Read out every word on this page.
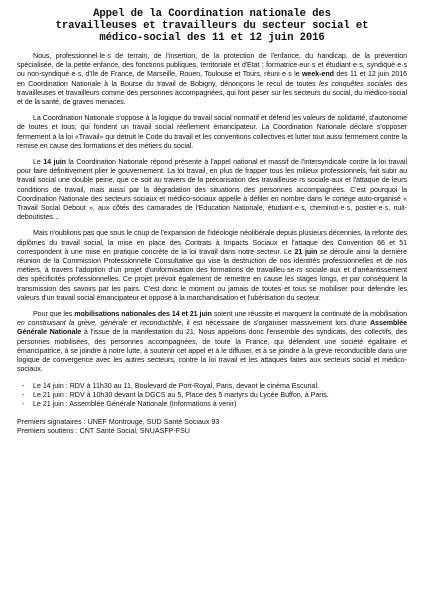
Appel de la Coordination nationale des
travailleuses et travailleurs du secteur social et
médico-social des 11 et 12 juin 2016

Nous, professionnel·le·s de terrain, de l'insertion, de la protection de l'enfance, du handicap, de la prévention spécialisée, de la petite enfance, des fonctions publiques, territoriale et d'Etat ; formatrice·eur·s et étudiant·e·s, syndiqué·e·s ou non-syndiqué·e·s, d'Ile de France, de Marseille, Rouen, Toulouse et Tours, réuni·e·s le week-end des 11 et 12 juin 2016 en Coordination Nationale à la Bourse du travail de Bobigny, dénonçons le recul de toutes les conquêtes sociales des travailleuses et travailleurs comme des personnes accompagnées, qui font peser sur les secteurs du social, du médico-social et de la santé, de graves menaces.

La Coordination Nationale s'oppose à la logique du travail social normatif et défend les valeurs de solidarité, d'autonomie de toutes et tous, qui fondent un travail social réellement émancipateur. La Coordination Nationale déclare s'opposer fermement à la loi «Travail» qui détruit le Code du travail et les conventions collectives et lutter tout aussi fermement contre la remise en cause des formations et des métiers du social.

Le 14 juin la Coordination Nationale répond présente à l'appel national et massif de l'intersyndicale contre la loi travail pour faire définitivement plier le gouvernement. La loi travail, en plus de frapper tous les milieux professionnels, fait subir au travail social une double peine, que ce soit au travers de la précarisation des travailleuse·rs sociale·aux et l'attaque de leurs conditions de travail, mais aussi par la dégradation des situations des personnes accompagnées. C'est pourquoi la Coordination Nationale des secteurs sociaux et médico-sociaux appelle à défiler en nombre dans le cortège auto-organisé « Travail Social Debout », aux côtés des camarades de l'Education Nationale, étudiant·e·s, cheminot·e·s, postier·e·s, nuit-deboutistes…

Mais n'oublions pas que sous le coup de l'expansion de l'idéologie néolibérale depuis plusieurs décennies, la refonte des diplômes du travail social, la mise en place des Contrats à Impacts Sociaux et l'attaque des Convention 66 et 51 correspondent à une mise en pratique concrète de la loi travail dans notre secteur. Le 21 juin se déroule ainsi la dernière réunion de la Commission Professionnelle Consultative qui vise la destruction de nos identités professionnelles et de nos métiers, à travers l'adoption d'un projet d'uniformisation des formations de travailleu·se·rs sociale·aux et d'anéantissement des spécificités professionnelles. Ce projet prévoit également de remettre en cause les stages longs, et par conséquent la transmission des savoirs par les pairs. C'est donc le moment ou jamais de toutes et tous se mobiliser pour défendre les valeurs d'un travail social émancipateur et opposé à la marchandisation et l'ubérisation du secteur.

Pour que les mobilisations nationales des 14 et 21 juin soient une réussite et marquent la continuité de la mobilisation en construisant la grève, générale et reconductible, il est nécessaire de s'organiser massivement lors d'une Assemblée Générale Nationale à l'issue de la manifestation du 21. Nous appelons donc l'ensemble des syndicats, des collectifs, des personnes mobilisées, des personnes accompagnées, de toute la France, qui défendent une société égalitaire et émancipatrice, à se joindre à notre lutte, à soutenir cet appel et à le diffuser, et à se joindre à la grève reconductible dans une logique de convergence avec les autres secteurs, contre la loi travail et les attaques faites aux secteurs social et médico-sociaux.

- Le 14 juin : RDV à 11h30 au 11, Boulevard de Port-Royal, Paris, devant le cinéma Escurial.
- Le 21 juin : RDV à 10h30 devant la DGCS au 5, Place des 5 martyrs du Lycée Buffon, à Paris.
- Le 21 juin : Assemblée Générale Nationale (Informations à venir)
Premiers signataires : UNEF Montrouge, SUD Santé Sociaux 93
Premiers soutiens : CNT Santé Social, SNUASFP-FSU
